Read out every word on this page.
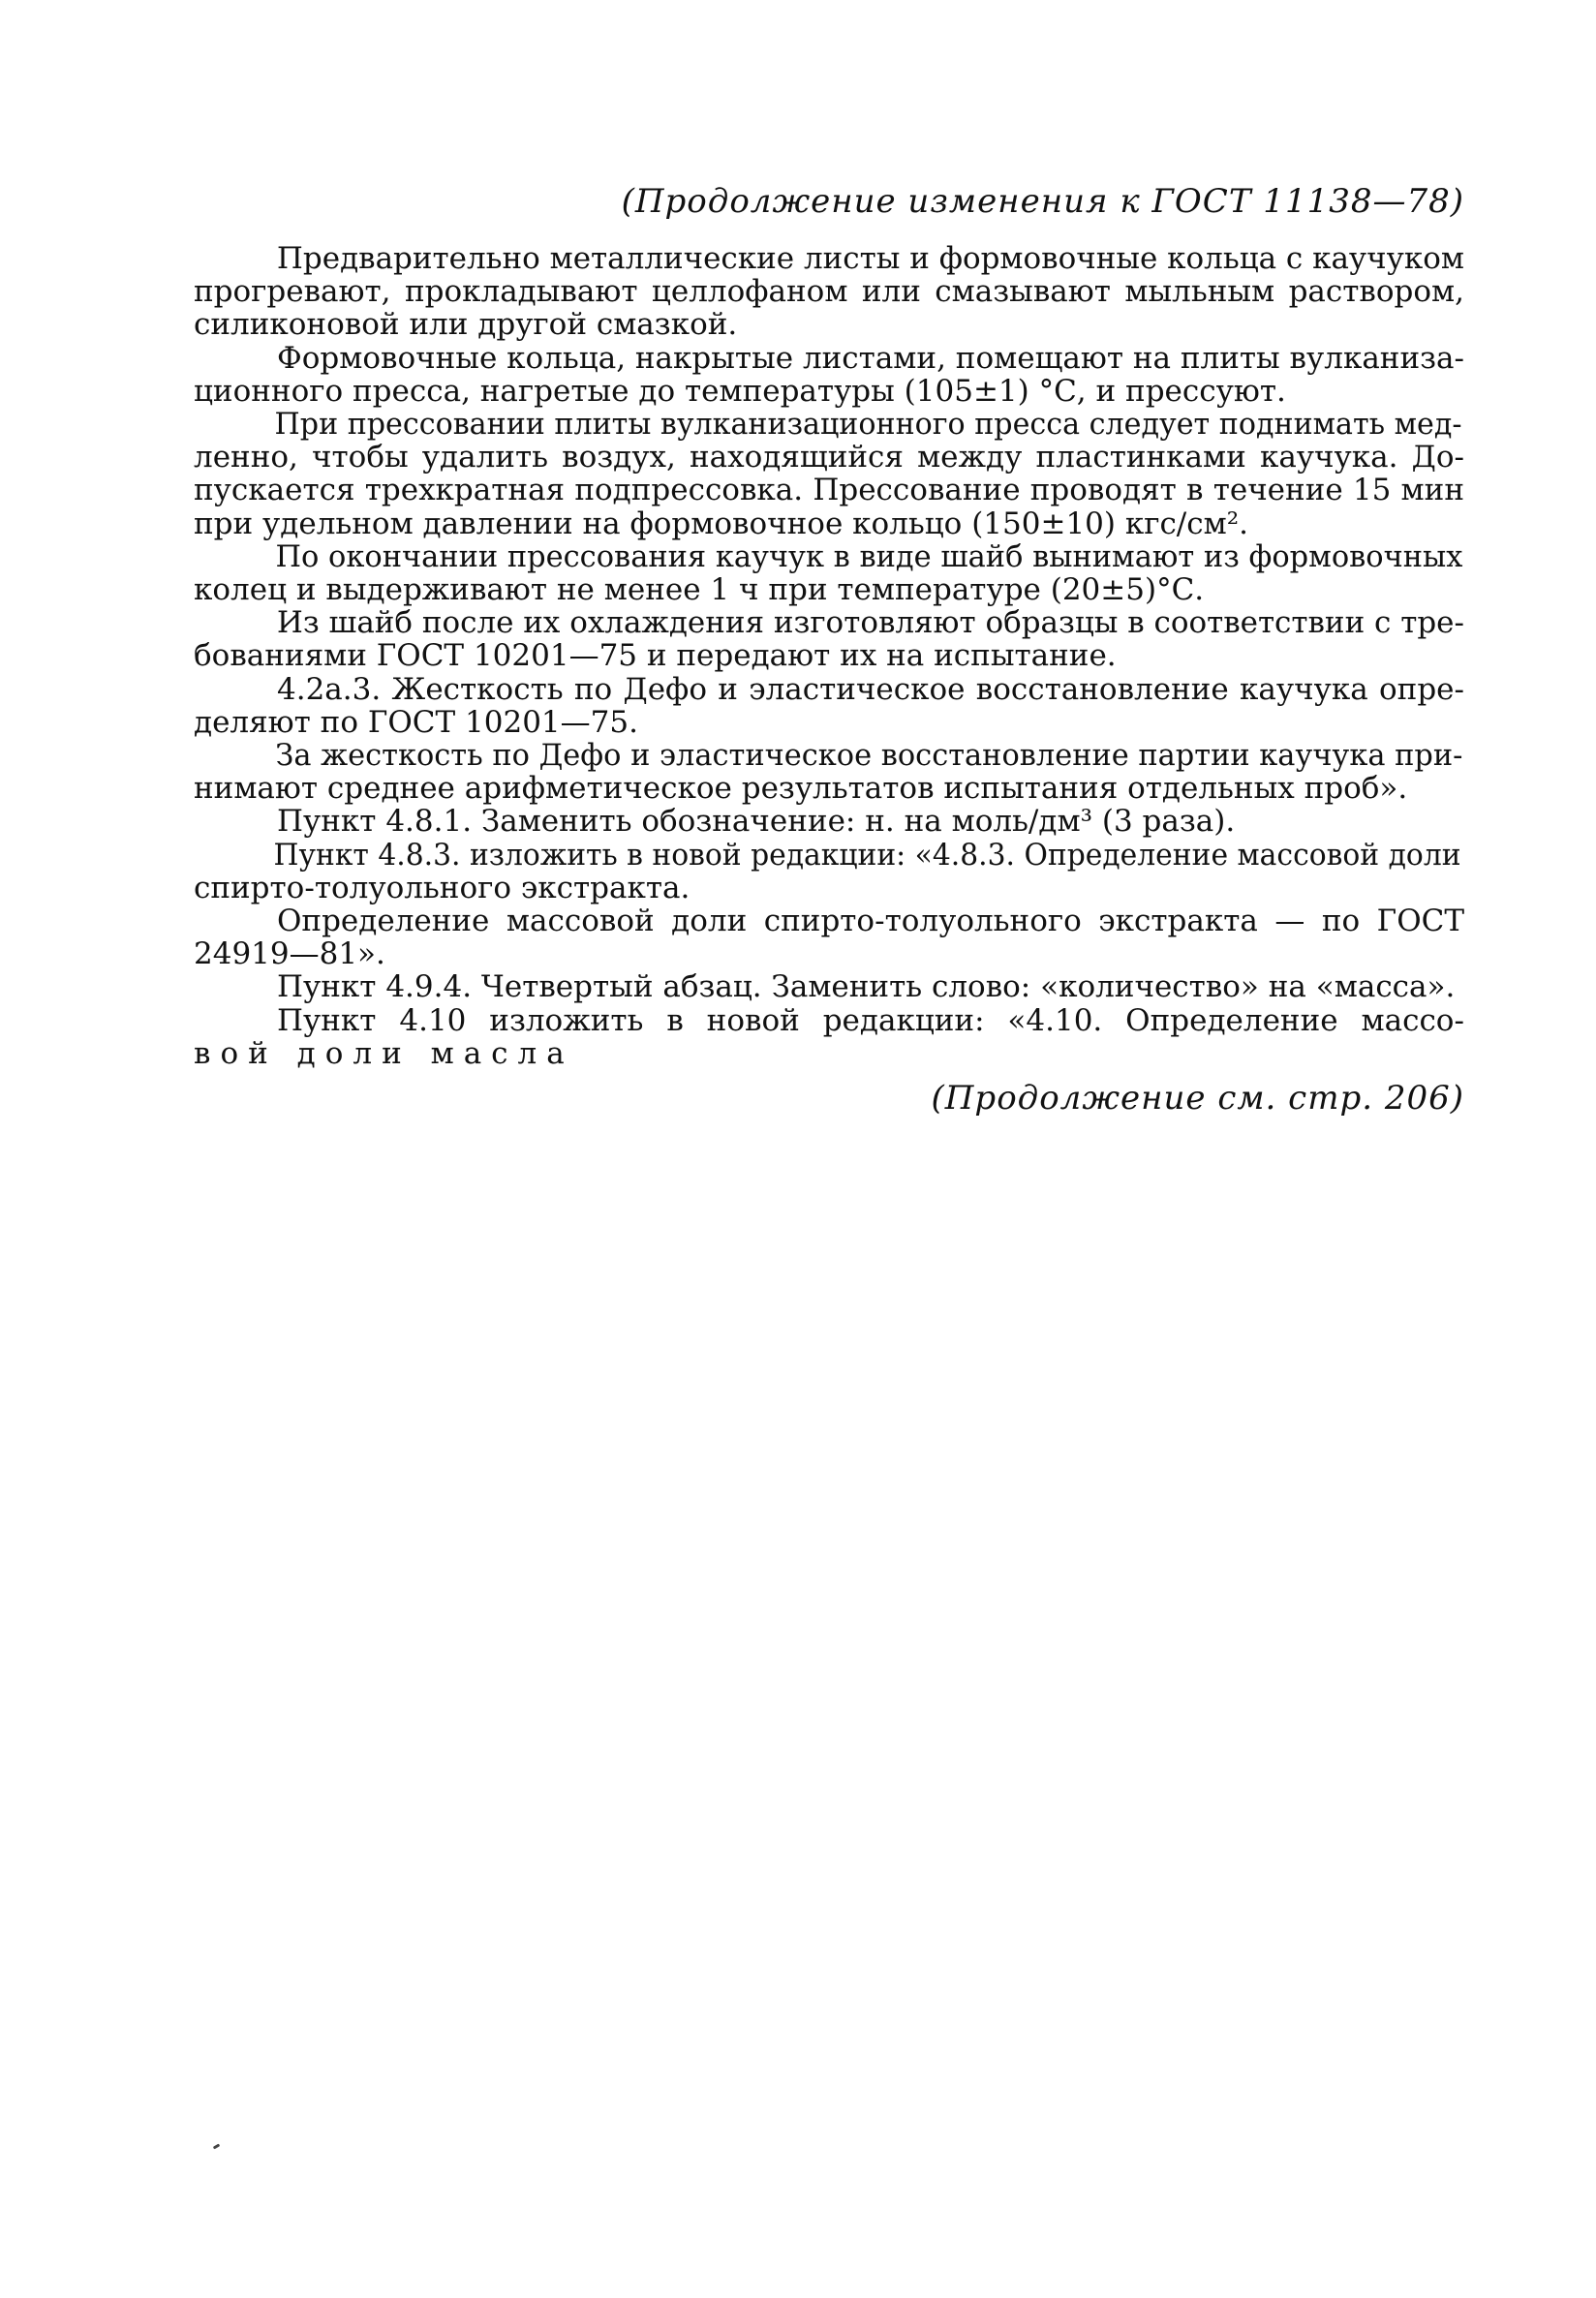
(Продолжение изменения к ГОСТ 11138—78)
Предварительно металлические листы и формовочные кольца с каучуком
прогревают, прокладывают целлофаном или смазывают мыльным раствором,
силиконовой или другой смазкой.
Формовочные кольца, накрытые листами, помещают на плиты вулканиза-
ционного пресса, нагретые до температуры (105±1) °С, и прессуют.
При прессовании плиты вулканизационного пресса следует поднимать мед-
ленно, чтобы удалить воздух, находящийся между пластинками каучука. До-
пускается трехкратная подпрессовка. Прессование проводят в течение 15 мин
при удельном давлении на формовочное кольцо (150±10) кгс/см².
По окончании прессования каучук в виде шайб вынимают из формовочных
колец и выдерживают не менее 1 ч при температуре (20±5)°С.
Из шайб после их охлаждения изготовляют образцы в соответствии с тре-
бованиями ГОСТ 10201—75 и передают их на испытание.
4.2а.3. Жесткость по Дефо и эластическое восстановление каучука опре-
деляют по ГОСТ 10201—75.
За жесткость по Дефо и эластическое восстановление партии каучука при-
нимают среднее арифметическое результатов испытания отдельных проб».
Пункт 4.8.1. Заменить обозначение: н. на моль/дм³ (3 раза).
Пункт 4.8.3. изложить в новой редакции: «4.8.3. Определение массовой доли
спирто-толуольного экстракта.
Определение массовой доли спирто-толуольного экстракта — по ГОСТ
24919—81».
Пункт 4.9.4. Четвертый абзац. Заменить слово: «количество» на «масса».
Пункт 4.10 изложить в новой редакции: «4.10. Определение массо-
вой доли масла
(Продолжение см. стр. 206)
